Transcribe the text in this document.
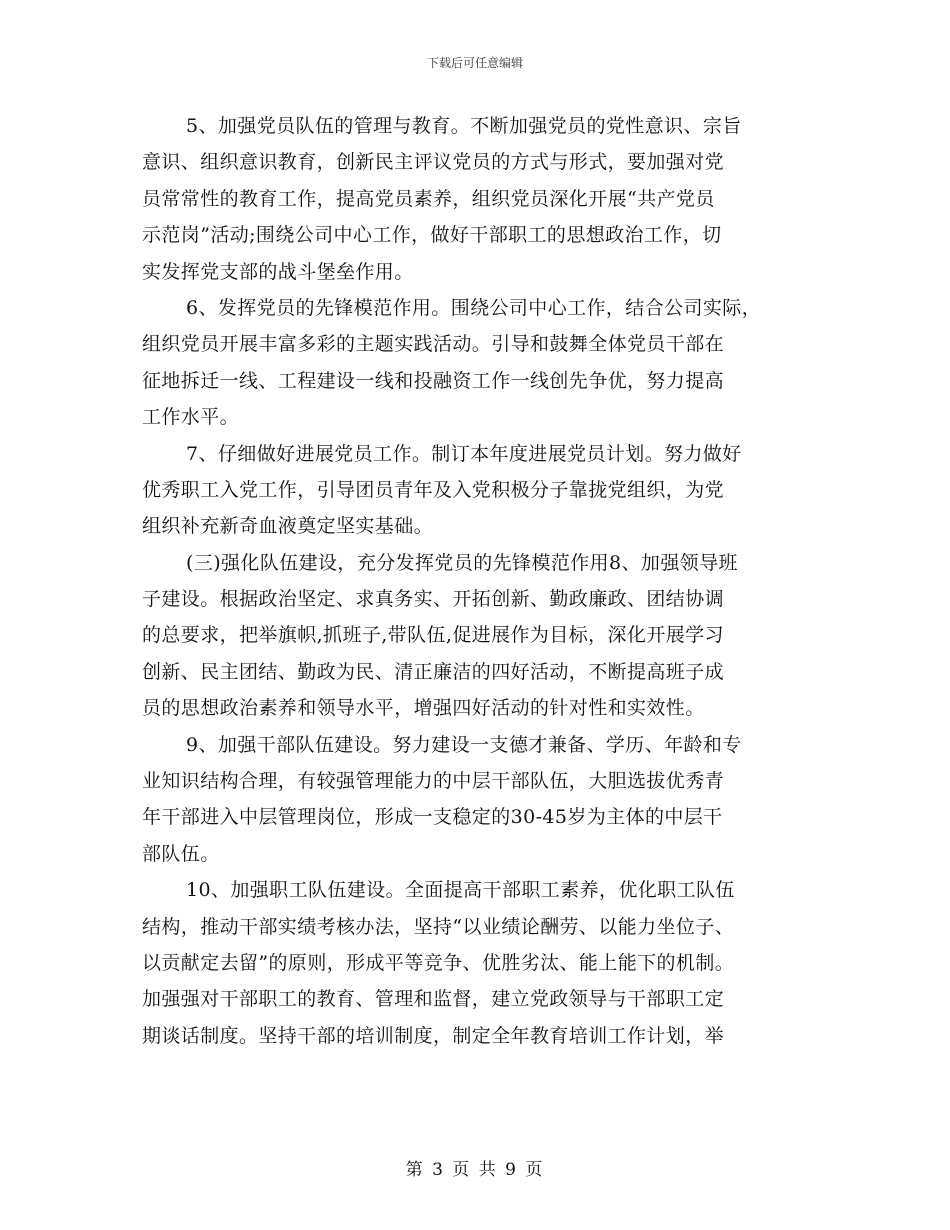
下载后可任意编辑
5、加强党员队伍的管理与教育。不断加强党员的党性意识、宗旨
意识、组织意识教育，创新民主评议党员的方式与形式，要加强对党
员常常性的教育工作，提高党员素养，组织党员深化开展“共产党员
示范岗”活动;围绕公司中心工作，做好干部职工的思想政治工作，切
实发挥党支部的战斗堡垒作用。
6、发挥党员的先锋模范作用。围绕公司中心工作，结合公司实际，
组织党员开展丰富多彩的主题实践活动。引导和鼓舞全体党员干部在
征地拆迁一线、工程建设一线和投融资工作一线创先争优，努力提高
工作水平。
7、仔细做好进展党员工作。制订本年度进展党员计划。努力做好
优秀职工入党工作，引导团员青年及入党积极分子靠拢党组织，为党
组织补充新奇血液奠定坚实基础。
(三)强化队伍建设，充分发挥党员的先锋模范作用8、加强领导班
子建设。根据政治坚定、求真务实、开拓创新、勤政廉政、团结协调
的总要求，把举旗帜,抓班子,带队伍,促进展作为目标，深化开展学习
创新、民主团结、勤政为民、清正廉洁的四好活动，不断提高班子成
员的思想政治素养和领导水平，增强四好活动的针对性和实效性。
9、加强干部队伍建设。努力建设一支德才兼备、学历、年龄和专
业知识结构合理，有较强管理能力的中层干部队伍，大胆选拔优秀青
年干部进入中层管理岗位，形成一支稳定的30-45岁为主体的中层干
部队伍。
10、加强职工队伍建设。全面提高干部职工素养，优化职工队伍
结构，推动干部实绩考核办法，坚持“以业绩论酬劳、以能力坐位子、
以贡献定去留”的原则，形成平等竞争、优胜劣汰、能上能下的机制。
加强强对干部职工的教育、管理和监督，建立党政领导与干部职工定
期谈话制度。坚持干部的培训制度，制定全年教育培训工作计划，举
第 3 页 共 9 页
